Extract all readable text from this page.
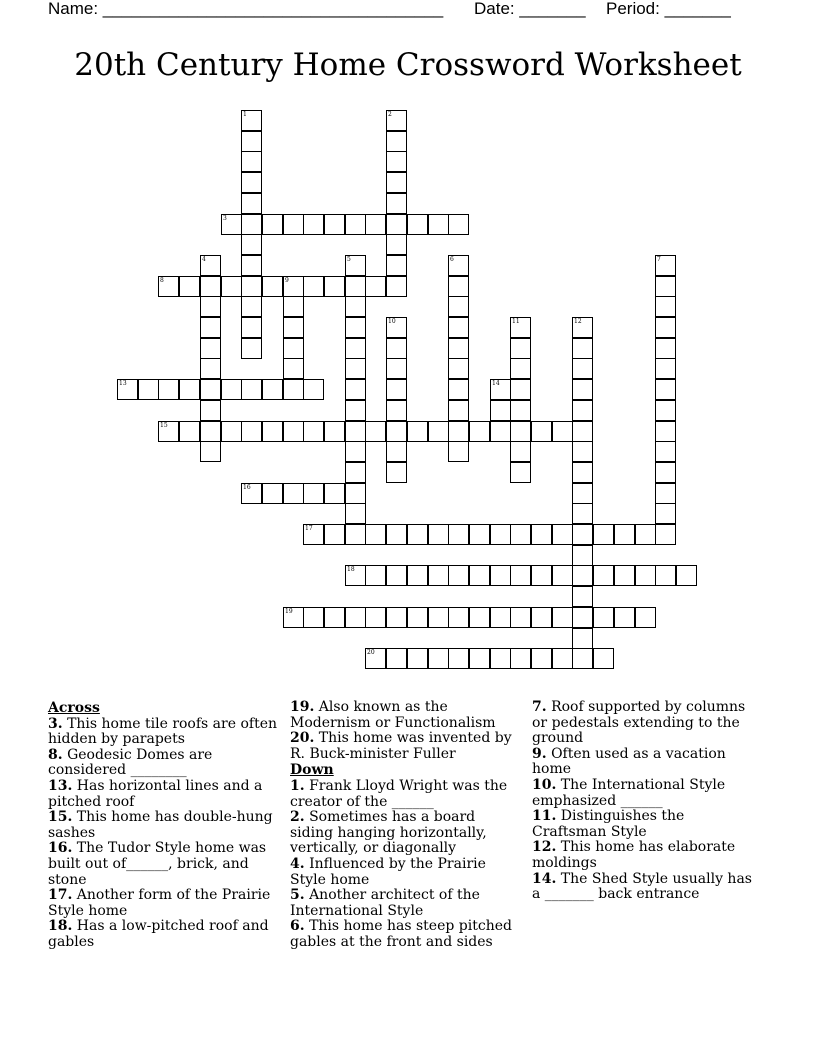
Name: ____________________________________ Date: _______ Period: _______
20th Century Home Crossword Worksheet
1	2
3
4	5	6	7
8	9
10	11	12
13	14
15
16
17
18
19
20
Across
3. This home tile roofs are often hidden by parapets
8. Geodesic Domes are considered ________
13. Has horizontal lines and a pitched roof
15. This home has double-hung sashes
16. The Tudor Style home was built out of______, brick, and stone
17. Another form of the Prairie Style home
18. Has a low-pitched roof and gables
19. Also known as the Modernism or Functionalism
20. This home was invented by R. Buck-minister Fuller
Down
1. Frank Lloyd Wright was the creator of the ______
2. Sometimes has a board siding hanging horizontally, vertically, or diagonally
4. Influenced by the Prairie Style home
5. Another architect of the International Style
6. This home has steep pitched gables at the front and sides
7. Roof supported by columns or pedestals extending to the ground
9. Often used as a vacation home
10. The International Style emphasized ______
11. Distinguishes the Craftsman Style
12. This home has elaborate moldings
14. The Shed Style usually has a _______ back entrance
